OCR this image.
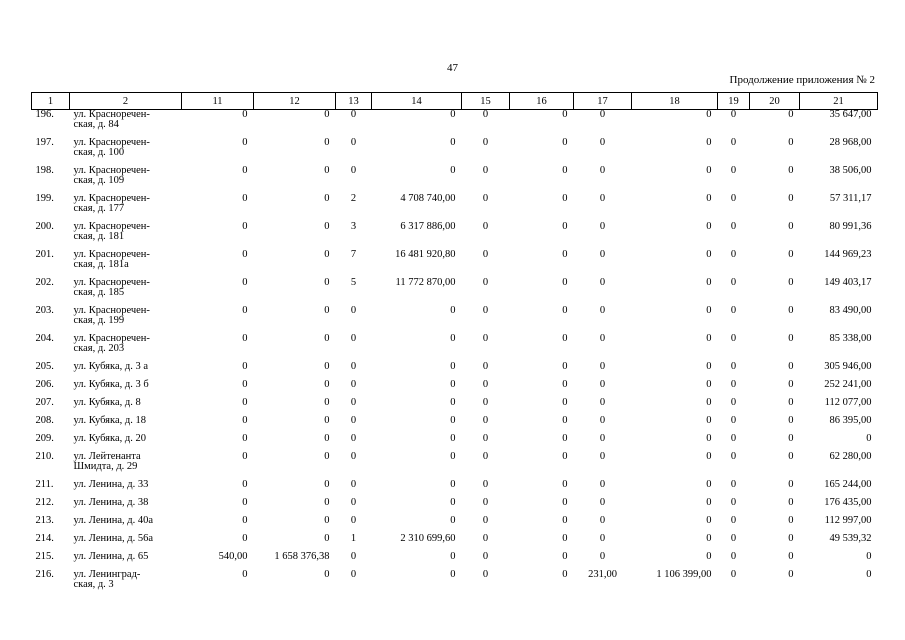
47
Продолжение приложения № 2
1	2	11	12	13	14	15	16	17	18	19	20	21
196.	ул. Красноречен-
ская, д. 84	0	0	0	0	0	0	0	0	0	0	35 647,00
197.	ул. Красноречен-
ская, д. 100	0	0	0	0	0	0	0	0	0	0	28 968,00
198.	ул. Красноречен-
ская, д. 109	0	0	0	0	0	0	0	0	0	0	38 506,00
199.	ул. Красноречен-
ская, д. 177	0	0	2	4 708 740,00	0	0	0	0	0	0	57 311,17
200.	ул. Красноречен-
ская, д. 181	0	0	3	6 317 886,00	0	0	0	0	0	0	80 991,36
201.	ул. Красноречен-
ская, д. 181а	0	0	7	16 481 920,80	0	0	0	0	0	0	144 969,23
202.	ул. Красноречен-
ская, д. 185	0	0	5	11 772 870,00	0	0	0	0	0	0	149 403,17
203.	ул. Красноречен-
ская, д. 199	0	0	0	0	0	0	0	0	0	0	83 490,00
204.	ул. Красноречен-
ская, д. 203	0	0	0	0	0	0	0	0	0	0	85 338,00
205.	ул. Кубяка, д. 3 а	0	0	0	0	0	0	0	0	0	0	305 946,00
206.	ул. Кубяка, д. 3 б	0	0	0	0	0	0	0	0	0	0	252 241,00
207.	ул. Кубяка, д. 8	0	0	0	0	0	0	0	0	0	0	112 077,00
208.	ул. Кубяка, д. 18	0	0	0	0	0	0	0	0	0	0	86 395,00
209.	ул. Кубяка, д. 20	0	0	0	0	0	0	0	0	0	0	0
210.	ул. Лейтенанта
Шмидта, д. 29	0	0	0	0	0	0	0	0	0	0	62 280,00
211.	ул. Ленина, д. 33	0	0	0	0	0	0	0	0	0	0	165 244,00
212.	ул. Ленина, д. 38	0	0	0	0	0	0	0	0	0	0	176 435,00
213.	ул. Ленина, д. 40а	0	0	0	0	0	0	0	0	0	0	112 997,00
214.	ул. Ленина, д. 56а	0	0	1	2 310 699,60	0	0	0	0	0	0	49 539,32
215.	ул. Ленина, д. 65	540,00	1 658 376,38	0	0	0	0	0	0	0	0	0
216.	ул. Ленинград-
ская, д. 3	0	0	0	0	0	0	231,00	1 106 399,00	0	0	0
